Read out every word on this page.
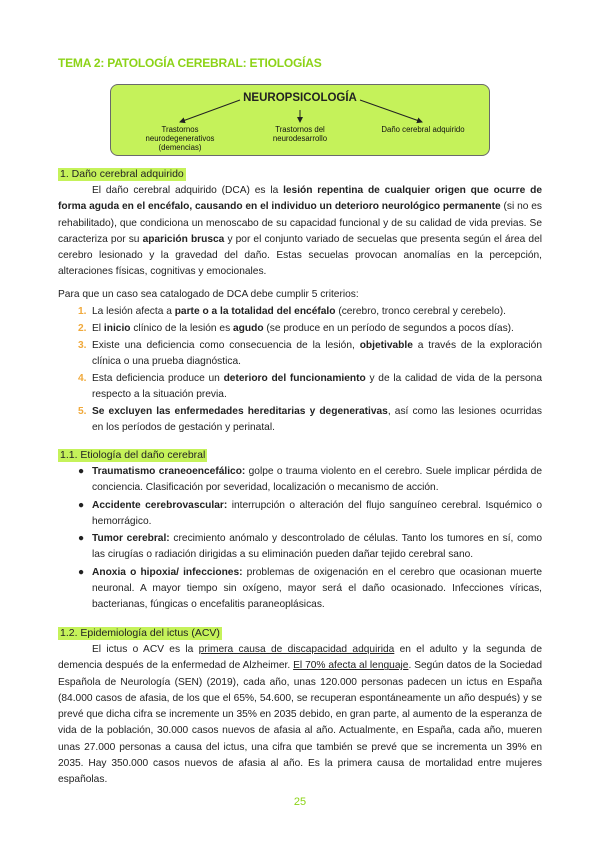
TEMA 2: PATOLOGÍA CEREBRAL: ETIOLOGÍAS
NEUROPSICOLOGÍA
Trastornos neurodegenerativos (demencias)
Trastornos del neurodesarrollo
Daño cerebral adquirido
1. Daño cerebral adquirido
El daño cerebral adquirido (DCA) es la lesión repentina de cualquier origen que ocurre de forma aguda en el encéfalo, causando en el individuo un deterioro neurológico permanente (si no es rehabilitado), que condiciona un menoscabo de su capacidad funcional y de su calidad de vida previas. Se caracteriza por su aparición brusca y por el conjunto variado de secuelas que presenta según el área del cerebro lesionado y la gravedad del daño. Estas secuelas provocan anomalías en la percepción, alteraciones físicas, cognitivas y emocionales.
Para que un caso sea catalogado de DCA debe cumplir 5 criterios:
1. La lesión afecta a parte o a la totalidad del encéfalo (cerebro, tronco cerebral y cerebelo).
2. El inicio clínico de la lesión es agudo (se produce en un período de segundos a pocos días).
3. Existe una deficiencia como consecuencia de la lesión, objetivable a través de la exploración clínica o una prueba diagnóstica.
4. Esta deficiencia produce un deterioro del funcionamiento y de la calidad de vida de la persona respecto a la situación previa.
5. Se excluyen las enfermedades hereditarias y degenerativas, así como las lesiones ocurridas en los períodos de gestación y perinatal.
1.1. Etiología del daño cerebral
● Traumatismo craneoencefálico: golpe o trauma violento en el cerebro. Suele implicar pérdida de conciencia. Clasificación por severidad, localización o mecanismo de acción.
● Accidente cerebrovascular: interrupción o alteración del flujo sanguíneo cerebral. Isquémico o hemorrágico.
● Tumor cerebral: crecimiento anómalo y descontrolado de células. Tanto los tumores en sí, como las cirugías o radiación dirigidas a su eliminación pueden dañar tejido cerebral sano.
● Anoxia o hipoxia/ infecciones: problemas de oxigenación en el cerebro que ocasionan muerte neuronal. A mayor tiempo sin oxígeno, mayor será el daño ocasionado. Infecciones víricas, bacterianas, fúngicas o encefalitis paraneoplásicas.
1.2. Epidemiología del ictus (ACV)
El ictus o ACV es la primera causa de discapacidad adquirida en el adulto y la segunda de demencia después de la enfermedad de Alzheimer. El 70% afecta al lenguaje. Según datos de la Sociedad Española de Neurología (SEN) (2019), cada año, unas 120.000 personas padecen un ictus en España (84.000 casos de afasia, de los que el 65%, 54.600, se recuperan espontáneamente un año después) y se prevé que dicha cifra se incremente un 35% en 2035 debido, en gran parte, al aumento de la esperanza de vida de la población, 30.000 casos nuevos de afasia al año. Actualmente, en España, cada año, mueren unas 27.000 personas a causa del ictus, una cifra que también se prevé que se incrementa un 39% en 2035. Hay 350.000 casos nuevos de afasia al año. Es la primera causa de mortalidad entre mujeres españolas.
25
